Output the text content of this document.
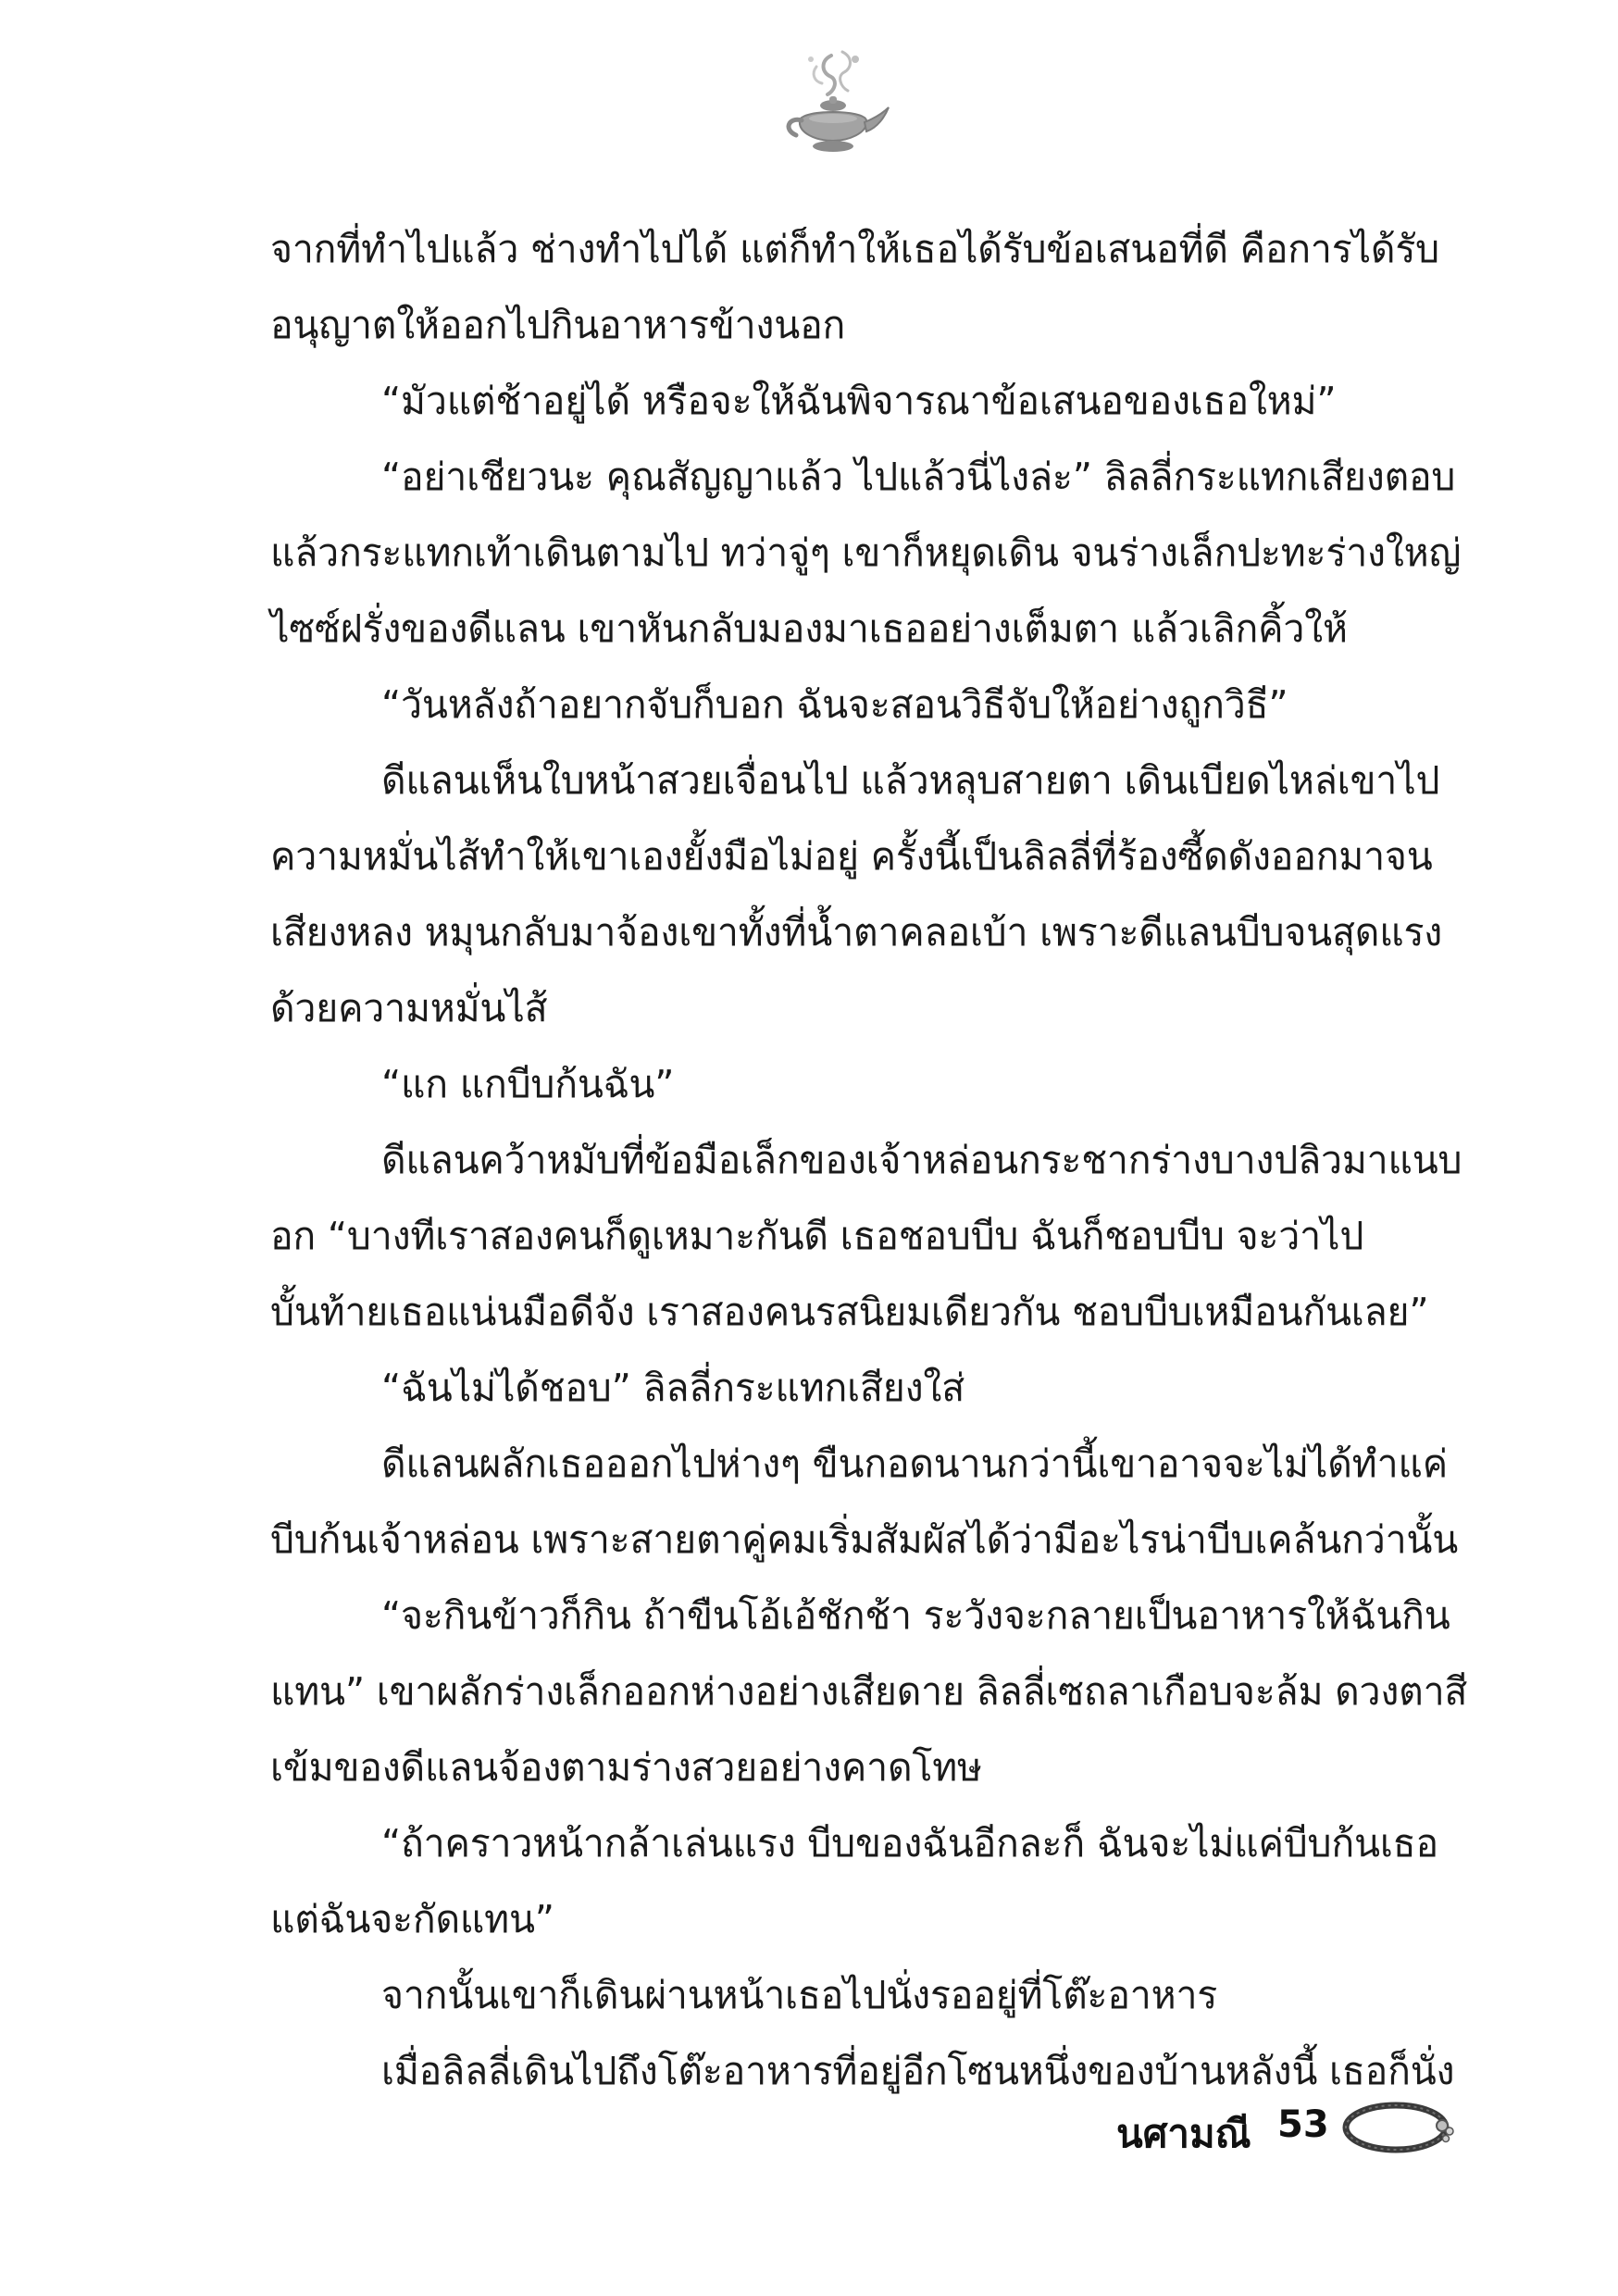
จากที่ทำไปแล้ว ช่างทำไปได้ แต่ก็ทำให้เธอได้รับข้อเสนอที่ดี คือการได้รับอนุญาตให้ออกไปกินอาหารข้างนอก

“มัวแต่ช้าอยู่ได้ หรือจะให้ฉันพิจารณาข้อเสนอของเธอใหม่”

“อย่าเชียวนะ คุณสัญญาแล้ว ไปแล้วนี่ไงล่ะ” ลิลลี่กระแทกเสียงตอบแล้วกระแทกเท้าเดินตามไป ทว่าจู่ๆ เขาก็หยุดเดิน จนร่างเล็กปะทะร่างใหญ่ไซซ์ฝรั่งของดีแลน เขาหันกลับมองมาเธออย่างเต็มตา แล้วเลิกคิ้วให้

“วันหลังถ้าอยากจับก็บอก ฉันจะสอนวิธีจับให้อย่างถูกวิธี”

ดีแลนเห็นใบหน้าสวยเจื่อนไป แล้วหลุบสายตา เดินเบียดไหล่เขาไปความหมั่นไส้ทำให้เขาเองยั้งมือไม่อยู่ ครั้งนี้เป็นลิลลี่ที่ร้องซี้ดดังออกมาจนเสียงหลง หมุนกลับมาจ้องเขาทั้งที่น้ำตาคลอเบ้า เพราะดีแลนบีบจนสุดแรงด้วยความหมั่นไส้

“แก แกบีบก้นฉัน”

ดีแลนคว้าหมับที่ข้อมือเล็กของเจ้าหล่อนกระชากร่างบางปลิวมาแนบอก “บางทีเราสองคนก็ดูเหมาะกันดี เธอชอบบีบ ฉันก็ชอบบีบ จะว่าไปบั้นท้ายเธอแน่นมือดีจัง เราสองคนรสนิยมเดียวกัน ชอบบีบเหมือนกันเลย”

“ฉันไม่ได้ชอบ” ลิลลี่กระแทกเสียงใส่

ดีแลนผลักเธอออกไปห่างๆ ขืนกอดนานกว่านี้เขาอาจจะไม่ได้ทำแค่บีบก้นเจ้าหล่อน เพราะสายตาคู่คมเริ่มสัมผัสได้ว่ามีอะไรน่าบีบเคล้นกว่านั้น

“จะกินข้าวก็กิน ถ้าขืนโอ้เอ้ชักช้า ระวังจะกลายเป็นอาหารให้ฉันกินแทน” เขาผลักร่างเล็กออกห่างอย่างเสียดาย ลิลลี่เซถลาเกือบจะล้ม ดวงตาสีเข้มของดีแลนจ้องตามร่างสวยอย่างคาดโทษ

“ถ้าคราวหน้ากล้าเล่นแรง บีบของฉันอีกละก็ ฉันจะไม่แค่บีบก้นเธอแต่ฉันจะกัดแทน”

จากนั้นเขาก็เดินผ่านหน้าเธอไปนั่งรออยู่ที่โต๊ะอาหาร

เมื่อลิลลี่เดินไปถึงโต๊ะอาหารที่อยู่อีกโซนหนึ่งของบ้านหลังนี้ เธอก็นั่ง

นศามณี 53
